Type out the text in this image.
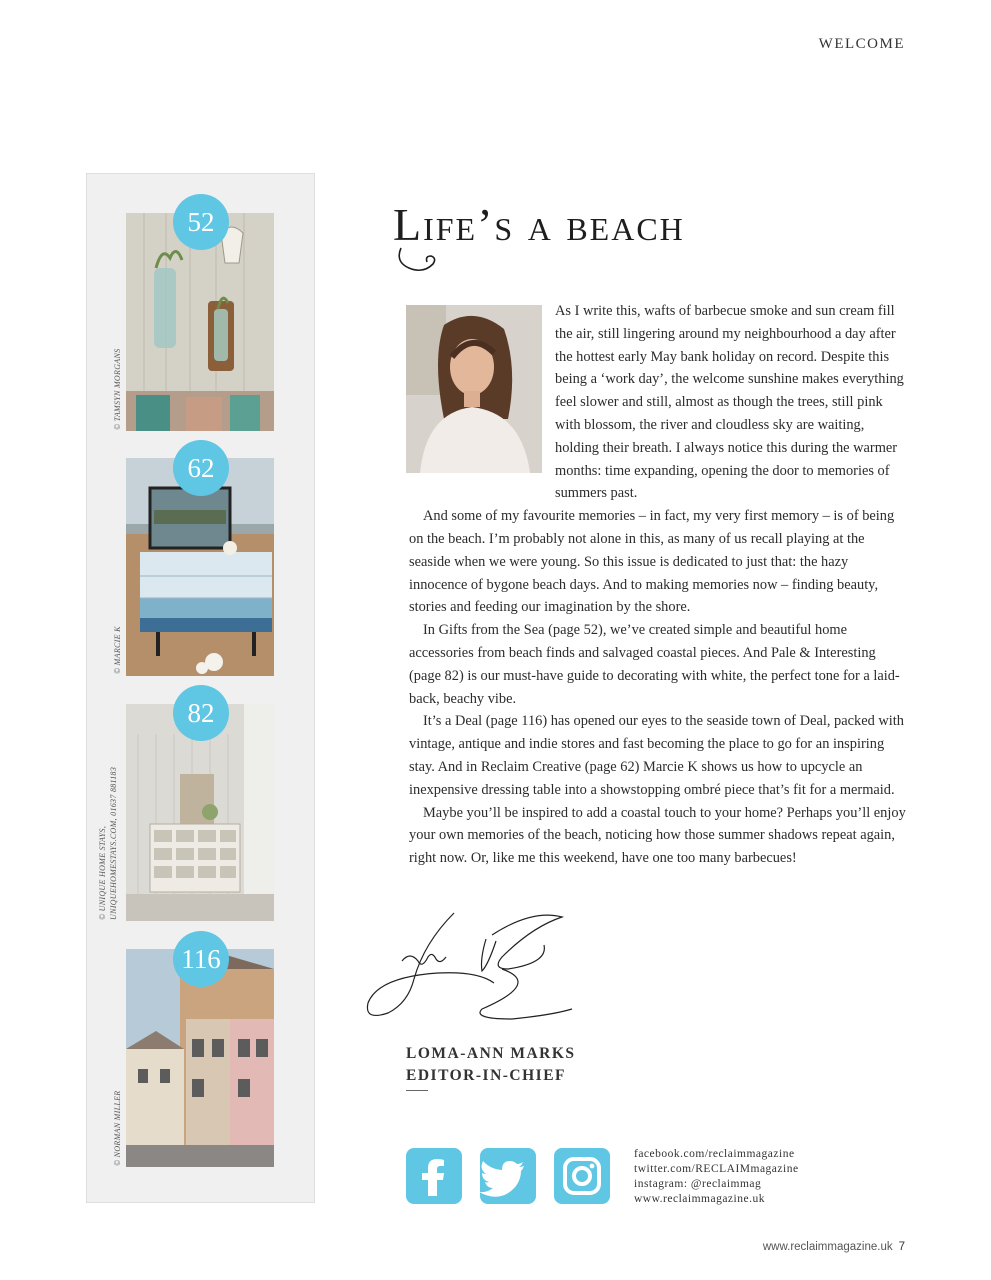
WELCOME
52
© TAMSYN MORGANS
62
© MARCIE K
82
© UNIQUE HOME STAYS, UNIQUEHOMESTAYS.COM, 01637 881183
116
© NORMAN MILLER
Life’s a beach

As I write this, wafts of barbecue smoke and sun cream fill the air, still lingering around my neighbourhood a day after the hottest early May bank holiday on record. Despite this being a ‘work day’, the welcome sunshine makes everything feel slower and still, almost as though the trees, still pink with blossom, the river and cloudless sky are waiting, holding their breath. I always notice this during the warmer months: time expanding, opening the door to memories of summers past.

And some of my favourite memories – in fact, my very first memory – is of being on the beach. I’m probably not alone in this, as many of us recall playing at the seaside when we were young. So this issue is dedicated to just that: the hazy innocence of bygone beach days. And to making memories now – finding beauty, stories and feeding our imagination by the shore.

In Gifts from the Sea (page 52), we’ve created simple and beautiful home accessories from beach finds and salvaged coastal pieces. And Pale & Interesting (page 82) is our must-have guide to decorating with white, the perfect tone for a laid-back, beachy vibe.

It’s a Deal (page 116) has opened our eyes to the seaside town of Deal, packed with vintage, antique and indie stores and fast becoming the place to go for an inspiring stay. And in Reclaim Creative (page 62) Marcie K shows us how to upcycle an inexpensive dressing table into a showstopping ombré piece that’s fit for a mermaid.

Maybe you’ll be inspired to add a coastal touch to your home? Perhaps you’ll enjoy your own memories of the beach, noticing how those summer shadows repeat again, right now. Or, like me this weekend, have one too many barbecues!

LOMA-ANN MARKS
EDITOR-IN-CHIEF
facebook.com/reclaimmagazine
twitter.com/RECLAIMmagazine
instagram: @reclaimmag
www.reclaimmagazine.uk
www.reclaimmagazine.uk 7
